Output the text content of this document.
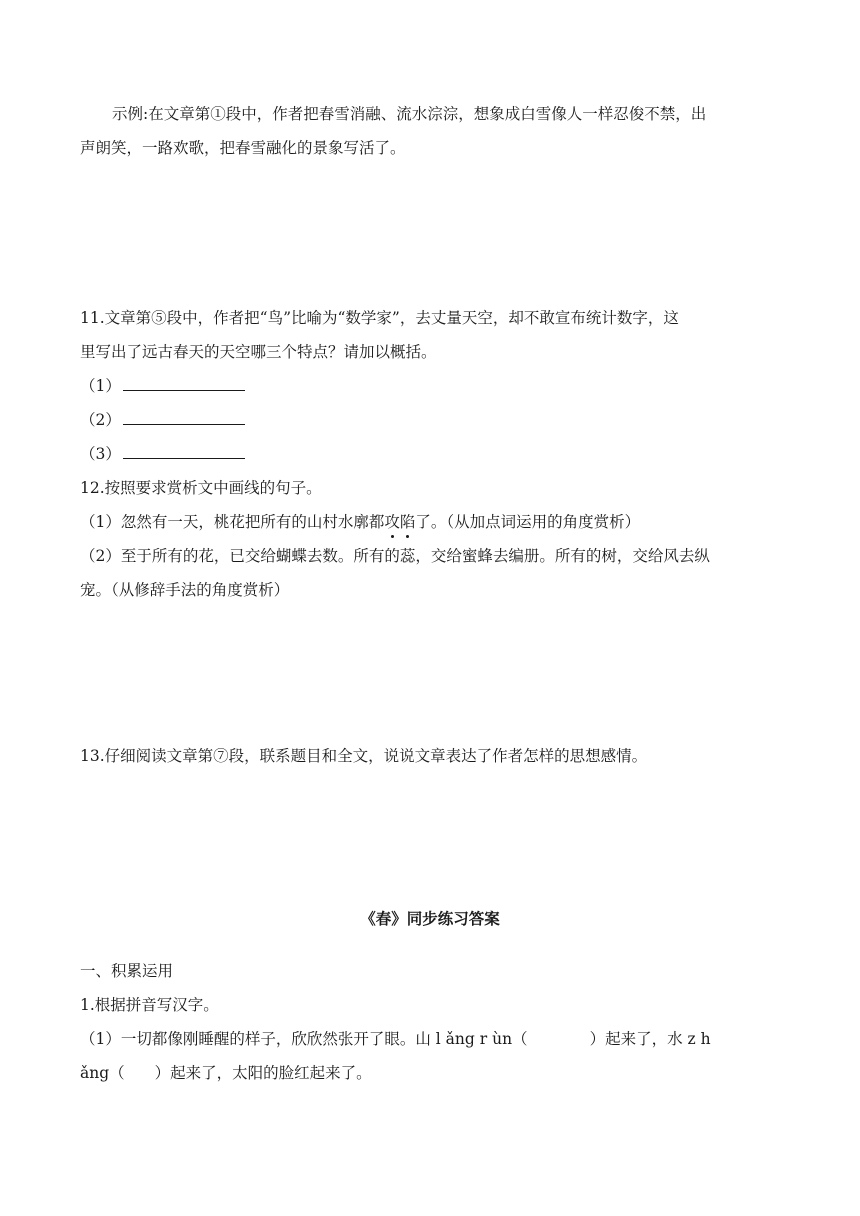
示例:在文章第①段中，作者把春雪消融、流水淙淙，想象成白雪像人一样忍俊不禁，出
声朗笑，一路欢歌，把春雪融化的景象写活了。
11.文章第⑤段中，作者把“鸟”比喻为“数学家”，去丈量天空，却不敢宣布统计数字，这
里写出了远古春天的天空哪三个特点？请加以概括。
（1）
（2）
（3）
12.按照要求赏析文中画线的句子。
（1）忽然有一天，桃花把所有的山村水廓都攻陷了。（从加点词运用的角度赏析）
（2）至于所有的花，已交给蝴蝶去数。所有的蕊，交给蜜蜂去编册。所有的树，交给风去纵
宠。（从修辞手法的角度赏析）
13.仔细阅读文章第⑦段，联系题目和全文，说说文章表达了作者怎样的思想感情。
《春》同步练习答案
一、积累运用
1.根据拼音写汉字。
（1）一切都像刚睡醒的样子，欣欣然张开了眼。山 l ǎng r ùn（	）起来了，水 z h
ǎng（ ）起来了，太阳的脸红起来了。
